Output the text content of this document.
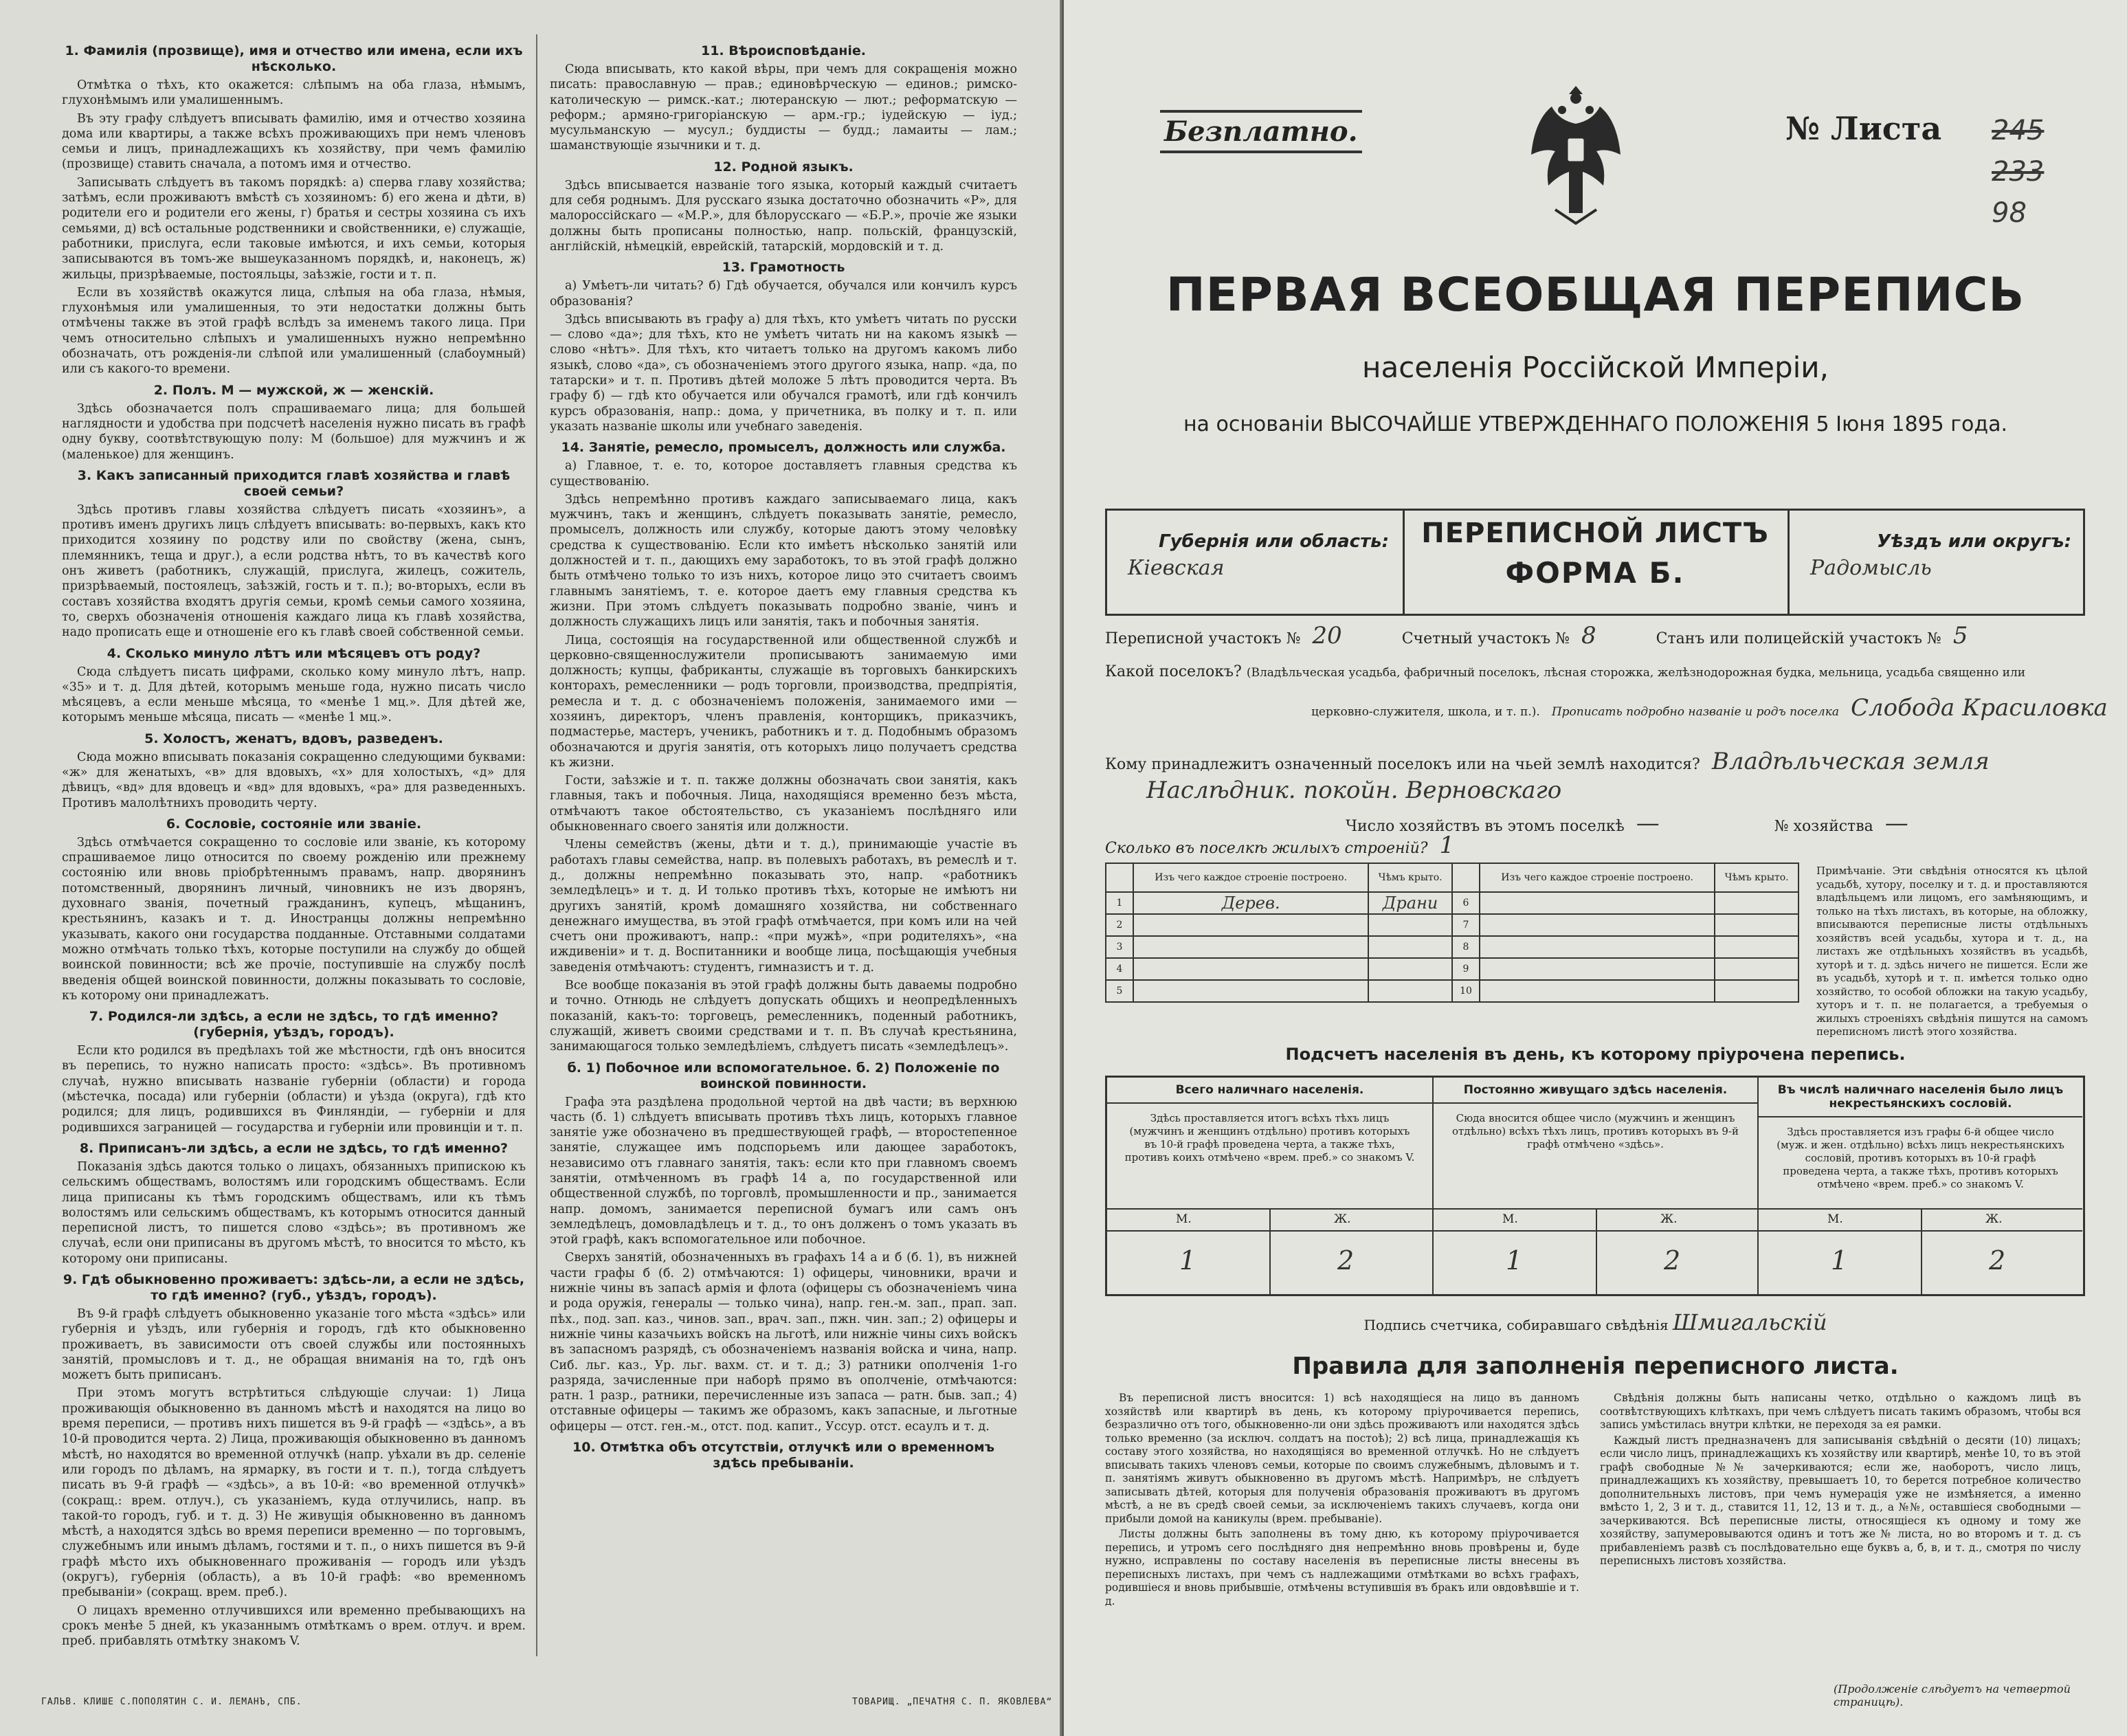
1. Фамилія (прозвище), имя и отчество или имена, если ихъ нѣсколько.

Отмѣтка о тѣхъ, кто окажется: слѣпымъ на оба глаза, нѣмымъ, глухонѣмымъ или умалишеннымъ.

Въ эту графу слѣдуетъ вписывать фамилію, имя и отчество хозяина дома или квартиры, а также всѣхъ проживающихъ при немъ членовъ семьи и лицъ, принадлежащихъ къ хозяйству, при чемъ фамилію (прозвище) ставить сначала, а потомъ имя и отчество.

Записывать слѣдуетъ въ такомъ порядкѣ: а) сперва главу хозяйства; затѣмъ, если проживаютъ вмѣстѣ съ хозяиномъ: б) его жена и дѣти, в) родители его и родители его жены, г) братья и сестры хозяина съ ихъ семьями, д) всѣ остальные родственники и свойственники, е) служащіе, работники, прислуга, если таковые имѣются, и ихъ семьи, которыя записываются въ томъ-же вышеуказанномъ порядкѣ, и, наконецъ, ж) жильцы, призрѣваемые, постояльцы, заѣзжіе, гости и т. п.

Если въ хозяйствѣ окажутся лица, слѣпыя на оба глаза, нѣмыя, глухонѣмыя или умалишенныя, то эти недостатки должны быть отмѣчены также въ этой графѣ вслѣдъ за именемъ такого лица. При чемъ относительно слѣпыхъ и умалишенныхъ нужно непремѣнно обозначать, отъ рожденія-ли слѣпой или умалишенный (слабоумный) или съ какого-то времени.

2. Полъ. М — мужской, ж — женскій.

Здѣсь обозначается полъ спрашиваемаго лица; для большей наглядности и удобства при подсчетѣ населенія нужно писать въ графѣ одну букву, соотвѣтствующую полу: М (большое) для мужчинъ и ж (маленькое) для женщинъ.

3. Какъ записанный приходится главѣ хозяйства и главѣ своей семьи?

Здѣсь противъ главы хозяйства слѣдуетъ писать «хозяинъ», а противъ именъ другихъ лицъ слѣдуетъ вписывать: во-первыхъ, какъ кто приходится хозяину по родству или по свойству (жена, сынъ, племянникъ, теща и друг.), а если родства нѣтъ, то въ качествѣ кого онъ живетъ (работникъ, служащій, прислуга, жилецъ, сожитель, призрѣваемый, постоялецъ, заѣзжій, гость и т. п.); во-вторыхъ, если въ составъ хозяйства входятъ другія семьи, кромѣ семьи самого хозяина, то, сверхъ обозначенія отношенія каждаго лица къ главѣ хозяйства, надо прописать еще и отношеніе его къ главѣ своей собственной семьи.

4. Сколько минуло лѣтъ или мѣсяцевъ отъ роду?

Сюда слѣдуетъ писать цифрами, сколько кому минуло лѣтъ, напр. «35» и т. д. Для дѣтей, которымъ меньше года, нужно писать число мѣсяцевъ, а если меньше мѣсяца, то «менѣе 1 мц.». Для дѣтей же, которымъ меньше мѣсяца, писать — «менѣе 1 мц.».

5. Холостъ, женатъ, вдовъ, разведенъ.

Сюда можно вписывать показанія сокращенно следующими буквами: «ж» для женатыхъ, «в» для вдовыхъ, «х» для холостыхъ, «д» для дѣвицъ, «вд» для вдовецъ и «вд» для вдовыхъ, «ра» для разведенныхъ. Противъ малолѣтнихъ проводить черту.

6. Сословіе, состояніе или званіе.

Здѣсь отмѣчается сокращенно то сословіе или званіе, къ которому спрашиваемое лицо относится по своему рожденію или прежнему состоянію или вновь пріобрѣтеннымъ правамъ, напр. дворянинъ потомственный, дворянинъ личный, чиновникъ не изъ дворянъ, духовнаго званія, почетный гражданинъ, купецъ, мѣщанинъ, крестьянинъ, казакъ и т. д. Иностранцы должны непремѣнно указывать, какого они государства подданные. Отставными солдатами можно отмѣчать только тѣхъ, которые поступили на службу до общей воинской повинности; всѣ же прочіе, поступившіе на службу послѣ введенія общей воинской повинности, должны показывать то сословіе, къ которому они принадлежатъ.

7. Родился-ли здѣсь, а если не здѣсь, то гдѣ именно? (губернія, уѣздъ, городъ).

Если кто родился въ предѣлахъ той же мѣстности, гдѣ онъ вносится въ перепись, то нужно написать просто: «здѣсь». Въ противномъ случаѣ, нужно вписывать названіе губерніи (области) и города (мѣстечка, посада) или губерніи (области) и уѣзда (округа), гдѣ кто родился; для лицъ, родившихся въ Финляндіи, — губерніи и для родившихся заграницей — государства и губерніи или провинціи и т. п.

8. Приписанъ-ли здѣсь, а если не здѣсь, то гдѣ именно?

Показанія здѣсь даются только о лицахъ, обязанныхъ припискою къ сельскимъ обществамъ, волостямъ или городскимъ обществамъ. Если лица приписаны къ тѣмъ городскимъ обществамъ, или къ тѣмъ волостямъ или сельскимъ обществамъ, къ которымъ относится данный переписной листъ, то пишется слово «здѣсь»; въ противномъ же случаѣ, если они приписаны въ другомъ мѣстѣ, то вносится то мѣсто, къ которому они приписаны.

9. Гдѣ обыкновенно проживаетъ: здѣсь-ли, а если не здѣсь, то гдѣ именно? (губ., уѣздъ, городъ).

Въ 9-й графѣ слѣдуетъ обыкновенно указаніе того мѣста «здѣсь» или губернія и уѣздъ, или губернія и городъ, гдѣ кто обыкновенно проживаетъ, въ зависимости отъ своей службы или постоянныхъ занятій, промысловъ и т. д., не обращая вниманія на то, гдѣ онъ можетъ быть приписанъ.

При этомъ могутъ встрѣтиться слѣдующіе случаи: 1) Лица проживающія обыкновенно въ данномъ мѣстѣ и находятся на лицо во время переписи, — противъ нихъ пишется въ 9-й графѣ — «здѣсь», а въ 10-й проводится черта. 2) Лица, проживающія обыкновенно въ данномъ мѣстѣ, но находятся во временной отлучкѣ (напр. уѣхали въ др. селеніе или городъ по дѣламъ, на ярмарку, въ гости и т. п.), тогда слѣдуетъ писать въ 9-й графѣ — «здѣсь», а въ 10-й: «во временной отлучкѣ» (сокращ.: врем. отлуч.), съ указаніемъ, куда отлучились, напр. въ такой-то городъ, губ. и т. д. 3) Не живущія обыкновенно въ данномъ мѣстѣ, а находятся здѣсь во время переписи временно — по торговымъ, служебнымъ или инымъ дѣламъ, гостями и т. п., о нихъ пишется въ 9-й графѣ мѣсто ихъ обыкновеннаго проживанія — городъ или уѣздъ (округъ), губернія (область), а въ 10-й графѣ: «во временномъ пребываніи» (сокращ. врем. преб.).

О лицахъ временно отлучившихся или временно пребывающихъ на срокъ менѣе 5 дней, къ указаннымъ отмѣткамъ о врем. отлуч. и врем. преб. прибавлять отмѣтку знакомъ V.

11. Вѣроисповѣданіе.

Сюда вписывать, кто какой вѣры, при чемъ для сокращенія можно писать: православную — прав.; единовѣрческую — единов.; римско-католическую — римск.-кат.; лютеранскую — лют.; реформатскую — реформ.; армяно-григоріанскую — арм.-гр.; іудейскую — іуд.; мусульманскую — мусул.; буддисты — будд.; ламаиты — лам.; шаманствующіе язычники и т. д.

12. Родной языкъ.

Здѣсь вписывается названіе того языка, который каждый считаетъ для себя роднымъ. Для русскаго языка достаточно обозначить «Р», для малороссійскаго — «М.Р.», для бѣлорусскаго — «Б.Р.», прочіе же языки должны быть прописаны полностью, напр. польскій, французскій, англійскій, нѣмецкій, еврейскій, татарскій, мордовскій и т. д.

13. Грамотность

а) Умѣетъ-ли читать? б) Гдѣ обучается, обучался или кончилъ курсъ образованія?

Здѣсь вписывають въ графу а) для тѣхъ, кто умѣетъ читать по русски — слово «да»; для тѣхъ, кто не умѣетъ читать ни на какомъ языкѣ — слово «нѣтъ». Для тѣхъ, кто читаетъ только на другомъ какомъ либо языкѣ, слово «да», съ обозначеніемъ этого другого языка, напр. «да, по татарски» и т. п. Противъ дѣтей моложе 5 лѣтъ проводится черта. Въ графу б) — гдѣ кто обучается или обучался грамотѣ, или гдѣ кончилъ курсъ образованія, напр.: дома, у причетника, въ полку и т. п. или указать названіе школы или учебнаго заведенія.

14. Занятіе, ремесло, промыселъ, должность или служба.

а) Главное, т. е. то, которое доставляетъ главныя средства къ существованію.

Здѣсь непремѣнно противъ каждаго записываемаго лица, какъ мужчинъ, такъ и женщинъ, слѣдуетъ показывать занятіе, ремесло, промыселъ, должность или службу, которые даютъ этому человѣку средства к существованію. Если кто имѣетъ нѣсколько занятій или должностей и т. п., дающихъ ему заработокъ, то въ этой графѣ должно быть отмѣчено только то изъ нихъ, которое лицо это считаетъ своимъ главнымъ занятіемъ, т. е. которое даетъ ему главныя средства къ жизни. При этомъ слѣдуетъ показывать подробно званіе, чинъ и должность служащихъ лицъ или занятія, такъ и побочныя занятія.

Лица, состоящія на государственной или общественной службѣ и церковно-священнослужители прописываютъ занимаемую ими должность; купцы, фабриканты, служащіе въ торговыхъ банкирскихъ конторахъ, ремесленники — родъ торговли, производства, предпріятія, ремесла и т. д. с обозначеніемъ положенія, занимаемого ими — хозяинъ, директоръ, членъ правленія, конторщикъ, приказчикъ, подмастерье, мастеръ, ученикъ, работникъ и т. д. Подобнымъ образомъ обозначаются и другія занятія, отъ которыхъ лицо получаетъ средства къ жизни.

Гости, заѣзжіе и т. п. также должны обозначать свои занятія, какъ главныя, такъ и побочныя. Лица, находящіяся временно безъ мѣста, отмѣчаютъ такое обстоятельство, съ указаніемъ послѣдняго или обыкновеннаго своего занятія или должности.

Члены семействъ (жены, дѣти и т. д.), принимающіе участіе въ работахъ главы семейства, напр. въ полевыхъ работахъ, въ ремеслѣ и т. д., должны непремѣнно показывать это, напр. «работникъ земледѣлецъ» и т. д. И только противъ тѣхъ, которые не имѣютъ ни другихъ занятій, кромѣ домашняго хозяйства, ни собственнаго денежнаго имущества, въ этой графѣ отмѣчается, при комъ или на чей счетъ они проживаютъ, напр.: «при мужѣ», «при родителяхъ», «на иждивеніи» и т. д. Воспитанники и вообще лица, посѣщающія учебныя заведенія отмѣчаютъ: студентъ, гимназистъ и т. д.

Все вообще показанія въ этой графѣ должны быть даваемы подробно и точно. Отнюдь не слѣдуетъ допускать общихъ и неопредѣленныхъ показаній, какъ-то: торговецъ, ремесленникъ, поденный работникъ, служащій, живетъ своими средствами и т. п. Въ случаѣ крестьянина, занимающагося только земледѣліемъ, слѣдуетъ писать «земледѣлецъ».

б. 1) Побочное или вспомогательное. б. 2) Положеніе по воинской повинности.

Графа эта раздѣлена продольной чертой на двѣ части; въ верхнюю часть (б. 1) слѣдуетъ вписывать противъ тѣхъ лицъ, которыхъ главное занятіе уже обозначено въ предшествующей графѣ, — второстепенное занятіе, служащее имъ подспорьемъ или дающее заработокъ, независимо отъ главнаго занятія, такъ: если кто при главномъ своемъ занятіи, отмѣченномъ въ графѣ 14 а, по государственной или общественной службѣ, по торговлѣ, промышленности и пр., занимается напр. домомъ, занимается переписной бумагъ или самъ онъ земледѣлецъ, домовладѣлецъ и т. д., то онъ долженъ о томъ указать въ этой графѣ, какъ вспомогательное или побочное.

Сверхъ занятій, обозначенныхъ въ графахъ 14 а и б (б. 1), въ нижней части графы б (б. 2) отмѣчаются: 1) офицеры, чиновники, врачи и нижніе чины въ запасѣ армія и флота (офицеры съ обозначеніемъ чина и рода оружія, генералы — только чина), напр. ген.-м. зап., прап. зап. пѣх., под. зап. каз., чинов. зап., врач. зап., пжн. чин. зап.; 2) офицеры и нижніе чины казачьихъ войскъ на льготѣ, или нижніе чины сихъ войскъ въ запасномъ разрядѣ, съ обозначеніемъ названія войска и чина, напр. Сиб. льг. каз., Ур. льг. вахм. ст. и т. д.; 3) ратники ополченія 1-го разряда, зачисленные при наборѣ прямо въ ополченіе, отмѣчаются: ратн. 1 разр., ратники, перечисленные изъ запаса — ратн. быв. зап.; 4) отставные офицеры — такимъ же образомъ, какъ запасные, и льготные офицеры — отст. ген.-м., отст. под. капит., Уссур. отст. есаулъ и т. д.

10. Отмѣтка объ отсутствіи, отлучкѣ или о временномъ здѣсь пребываніи.
ГАЛЬВ. КЛИШЕ С.ПОПОЛЯТИН С. И. ЛЕМАНЪ, СПБ.	ТОВАРИЩ. „ПЕЧАТНЯ С. П. ЯКОВЛЕВА“
Безплатно.	№ Листа 245
233
98
ПЕРВАЯ ВСЕОБЩАЯ ПЕРЕПИСЬ
населенія Россійской Имперіи,
на основаніи ВЫСОЧАЙШЕ УТВЕРЖДЕННАГО ПОЛОЖЕНІЯ 5 Іюня 1895 года.
Губернія или область:
Кіевская
ПЕРЕПИСНОЙ ЛИСТЪ
ФОРМА Б.
Уѣздъ или округъ:
Радомысль
Переписной участокъ № 20	Счетный участокъ № 8	Станъ или полицейскій участокъ № 5
Какой поселокъ? (Владѣльческая усадьба, фабричный поселокъ, лѣсная сторожка, желѣзнодорожная будка, мельница, усадьба священно или
церковно-служителя, школа, и т. п.). Прописать подробно названіе и родъ поселка Слобода Красиловка
Кому принадлежитъ означенный поселокъ или на чьей землѣ находится? Владѣльческая земля
Наслѣдник. покойн. Верновскаго
Число хозяйствъ въ этомъ поселкѣ —	№ хозяйства —
Сколько въ поселкѣ жилыхъ строеній? 1
	Изъ чего каждое строеніе построено.	Чѣмъ крыто.		Изъ чего каждое строеніе построено.	Чѣмъ крыто.
1	Дерев.	Драни	6		
2			7		
3			8		
4			9		
5			10		
Примѣчаніе. Эти свѣдѣнія относятся къ цѣлой усадьбѣ, хутору, поселку и т. д. и проставляются владѣльцемъ или лицомъ, его замѣняющимъ, и только на тѣхъ листахъ, въ которые, на обложку, вписываются переписные листы отдѣльныхъ хозяйствъ всей усадьбы, хутора и т. д., на листахъ же отдѣльныхъ хозяйствъ въ усадьбѣ, хуторѣ и т. д. здѣсь ничего не пишется. Если же въ усадьбѣ, хуторѣ и т. п. имѣется только одно хозяйство, то особой обложки на такую усадьбу, хуторъ и т. п. не полагается, а требуемыя о жилыхъ строеніяхъ свѣдѣнія пишутся на самомъ переписномъ листѣ этого хозяйства.
Подсчетъ населенія въ день, къ которому пріурочена перепись.
Всего наличнаго населенія.
Здѣсь проставляется итогъ всѣхъ тѣхъ лицъ (мужчинъ и женщинъ отдѣльно) противъ которыхъ въ 10-й графѣ проведена черта, а также тѣхъ, противъ коихъ отмѣчено «врем. преб.» со знакомъ V.
М.	Ж.
1	2
Постоянно живущаго здѣсь населенія.
Сюда вносится общее число (мужчинъ и женщинъ отдѣльно) всѣхъ тѣхъ лицъ, противъ которыхъ въ 9-й графѣ отмѣчено «здѣсь».
М.	Ж.
1	2
Въ числѣ наличнаго населенія было лицъ некрестьянскихъ сословій.
Здѣсь проставляется изъ графы 6-й общее число (муж. и жен. отдѣльно) всѣхъ лицъ некрестьянскихъ сословій, противъ которыхъ въ 10-й графѣ проведена черта, а также тѣхъ, противъ которыхъ отмѣчено «врем. преб.» со знакомъ V.
М.	Ж.
1	2
Подпись счетчика, собиравшаго свѣдѣнія Шмигальскій
Правила для заполненія переписного листа.

Въ переписной листъ вносится: 1) всѣ находящіеся на лицо въ данномъ хозяйствѣ или квартирѣ въ день, къ которому пріурочивается перепись, безразлично отъ того, обыкновенно-ли они здѣсь проживаютъ или находятся здѣсь только временно (за исключ. солдатъ на постоѣ); 2) всѣ лица, принадлежащія къ составу этого хозяйства, но находящіяся во временной отлучкѣ. Но не слѣдуетъ вписывать такихъ членовъ семьи, которые по своимъ служебнымъ, дѣловымъ и т. п. занятіямъ живутъ обыкновенно въ другомъ мѣстѣ. Напримѣръ, не слѣдуетъ записывать дѣтей, которыя для полученія образованія проживаютъ въ другомъ мѣстѣ, а не въ средѣ своей семьи, за исключеніемъ такихъ случаевъ, когда они прибыли домой на каникулы (врем. пребываніе).

Листы должны быть заполнены въ тому дню, къ которому пріурочивается перепись, и утромъ сего послѣдняго дня непремѣнно вновь провѣрены и, буде нужно, исправлены по составу населенія въ переписные листы внесены въ переписныхъ листахъ, при чемъ съ надлежащими отмѣтками во всѣхъ графахъ, родившіеся и вновь прибывшіе, отмѣчены вступившія въ бракъ или овдовѣвшіе и т. д.

Свѣдѣнія должны быть написаны четко, отдѣльно о каждомъ лицѣ въ соотвѣтствующихъ клѣткахъ, при чемъ слѣдуетъ писать такимъ образомъ, чтобы вся запись умѣстилась внутри клѣтки, не переходя за ея рамки.

Каждый листъ предназначенъ для записыванія свѣдѣній о десяти (10) лицахъ; если число лицъ, принадлежащихъ къ хозяйству или квартирѣ, менѣе 10, то въ этой графѣ свободные №№ зачеркиваются; если же, наоборотъ, число лицъ, принадлежащихъ къ хозяйству, превышаетъ 10, то берется потребное количество дополнительныхъ листовъ, при чемъ нумерація уже не измѣняется, а именно вмѣсто 1, 2, 3 и т. д., ставится 11, 12, 13 и т. д., а №№, оставшіеся свободными — зачеркиваются. Всѣ переписные листы, относящіеся къ одному и тому же хозяйству, запумеровываются одинъ и тотъ же № листа, но во второмъ и т. д. съ прибавленіемъ развѣ съ послѣдовательно еще буквъ а, б, в, и т. д., смотря по числу переписныхъ листовъ хозяйства.

(Продолженіе слѣдуетъ на четвертой страницѣ).
